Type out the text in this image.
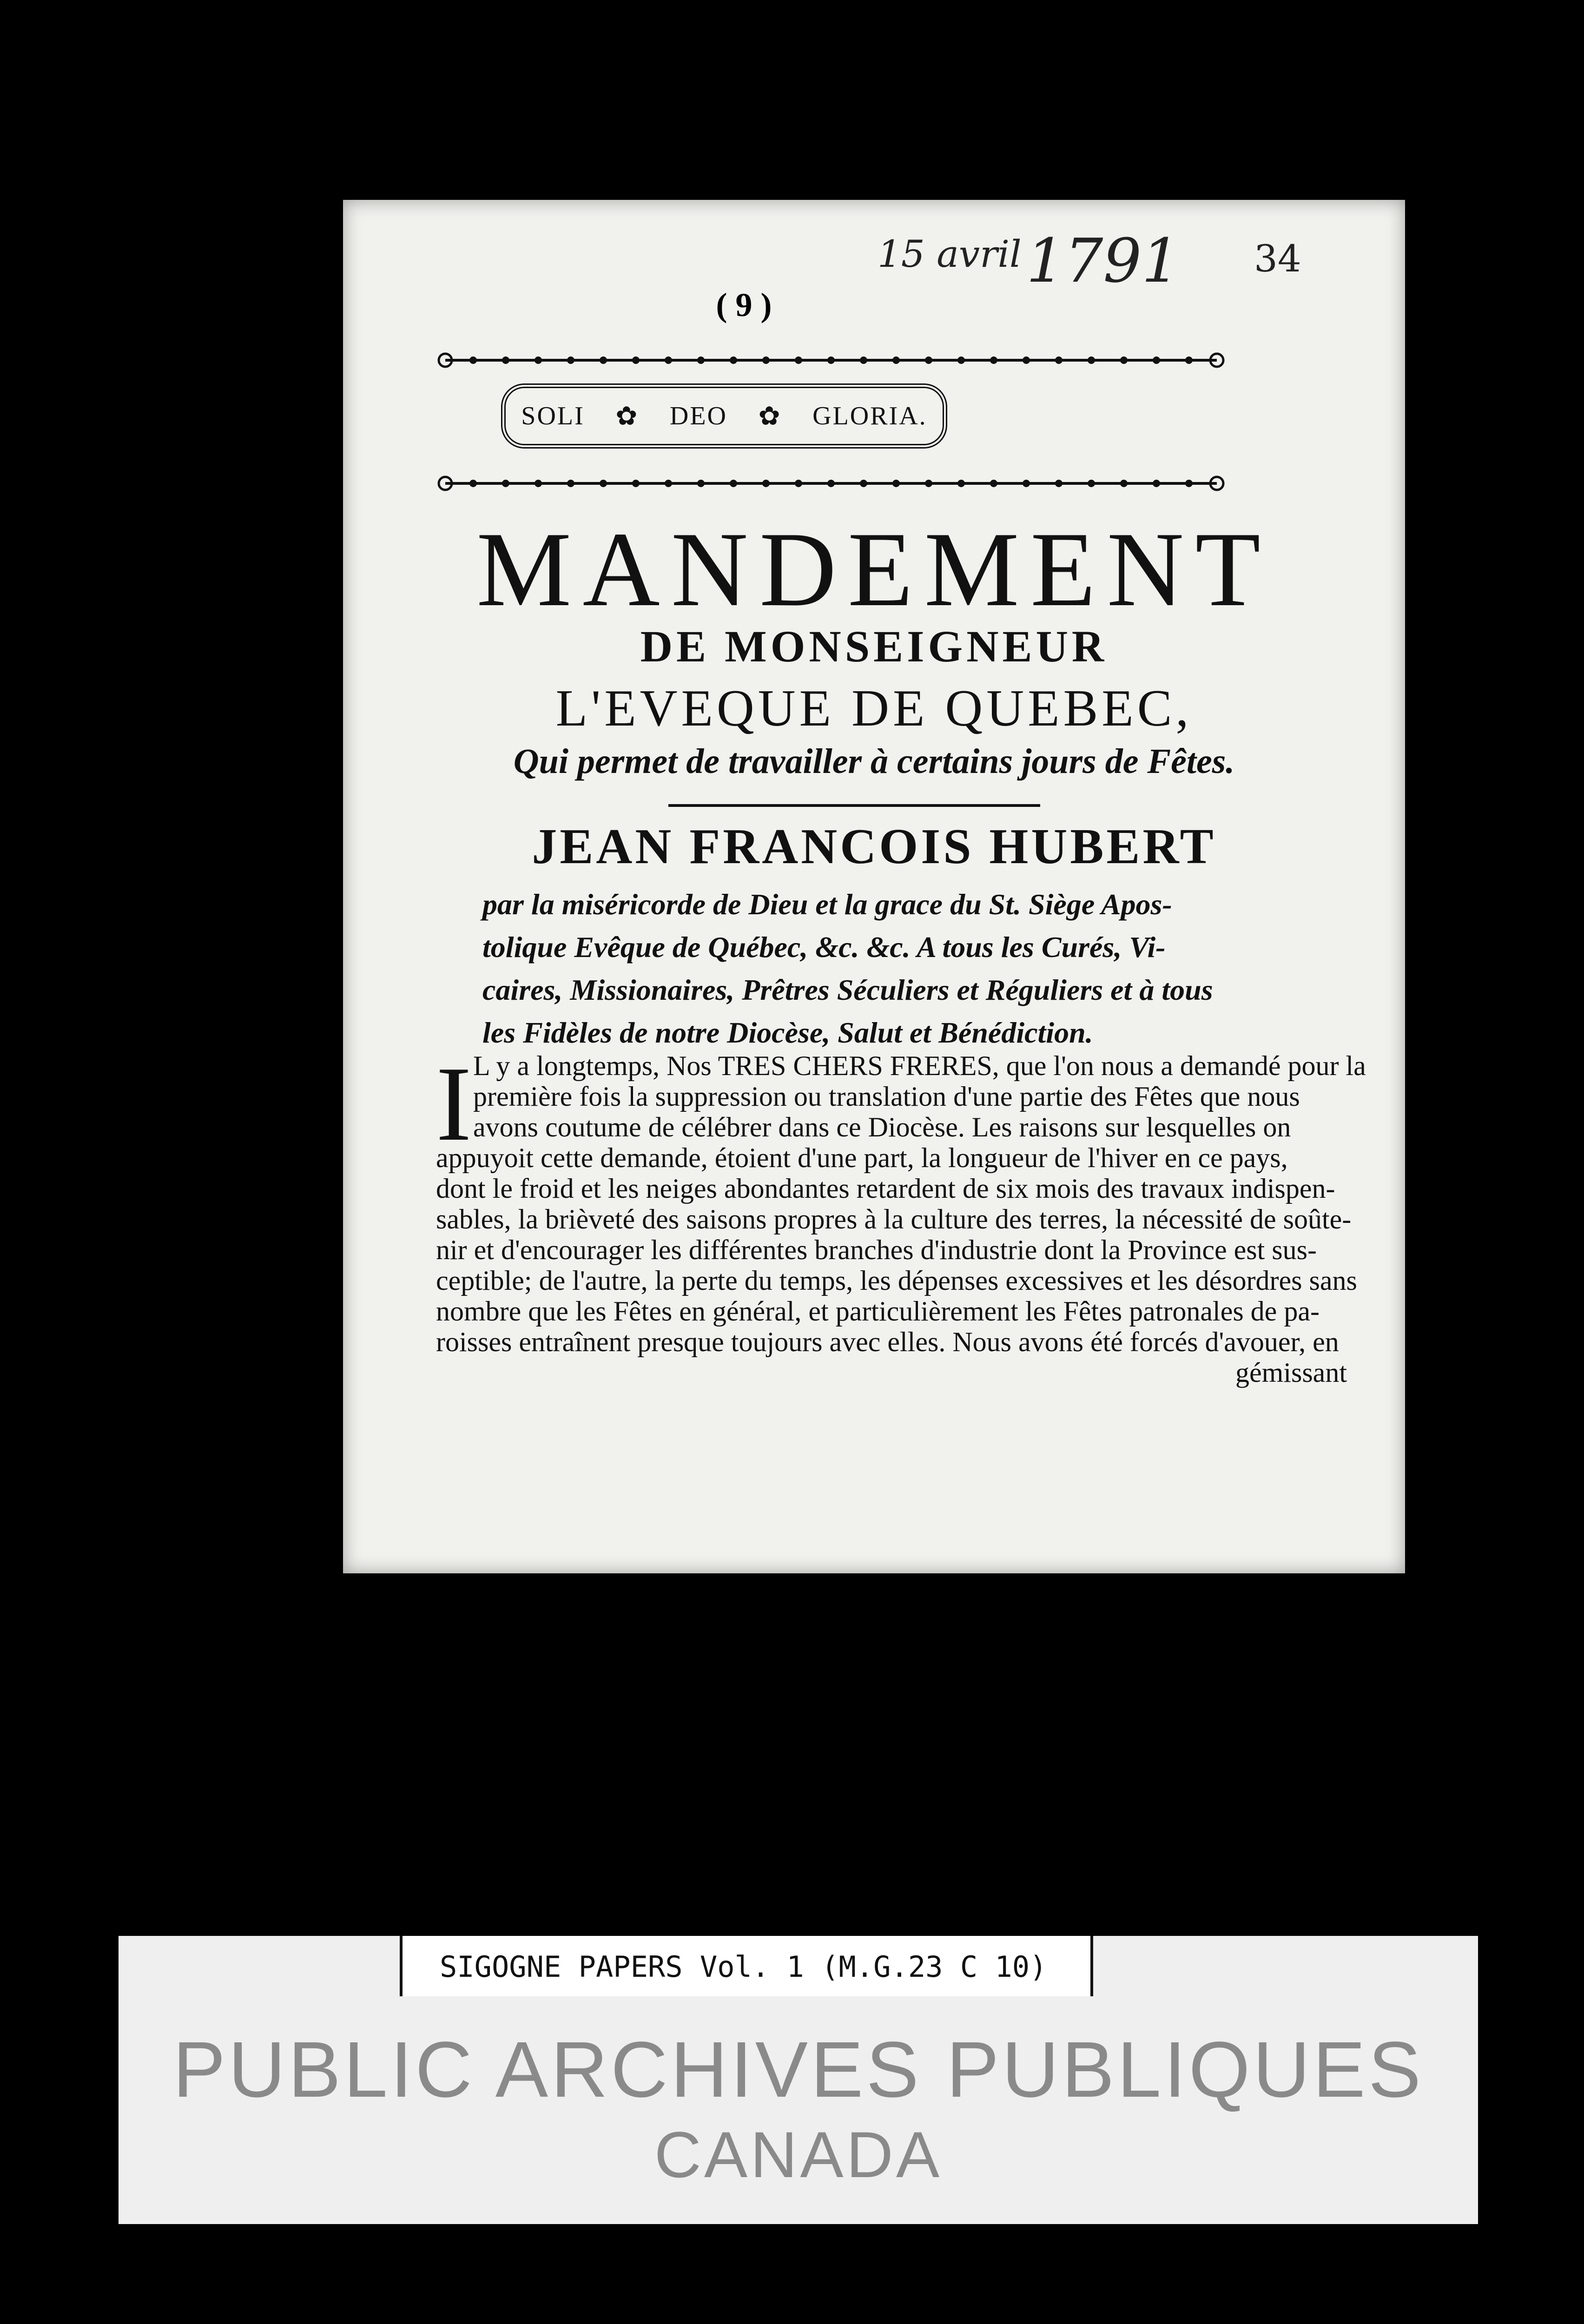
15 avril 1791 34
( 9 )
SOLI ✿ DEO ✿ GLORIA.
MANDEMENT
DE MONSEIGNEUR
L'EVEQUE DE QUEBEC,
Qui permet de travailler à certains jours de Fêtes.
JEAN FRANCOIS HUBERT
par la miséricorde de Dieu et la grace du St. Siège Apos-
tolique Evêque de Québec, &c. &c. A tous les Curés, Vi-
caires, Missionaires, Prêtres Séculiers et Réguliers et à tous
les Fidèles de notre Diocèse, Salut et Bénédiction.
I L y a longtemps, Nos TRES CHERS FRERES, que l'on nous a demandé pour la
première fois la suppression ou translation d'une partie des Fêtes que nous
avons coutume de célébrer dans ce Diocèse. Les raisons sur lesquelles on
appuyoit cette demande, étoient d'une part, la longueur de l'hiver en ce pays,
dont le froid et les neiges abondantes retardent de six mois des travaux indispen-
sables, la brièveté des saisons propres à la culture des terres, la nécessité de soûte-
nir et d'encourager les différentes branches d'industrie dont la Province est sus-
ceptible; de l'autre, la perte du temps, les dépenses excessives et les désordres sans
nombre que les Fêtes en général, et particulièrement les Fêtes patronales de pa-
roisses entraînent presque toujours avec elles. Nous avons été forcés d'avouer, en
gémissant
SIGOGNE PAPERS Vol. 1 (M.G.23 C 10)
PUBLIC ARCHIVES PUBLIQUES
CANADA
